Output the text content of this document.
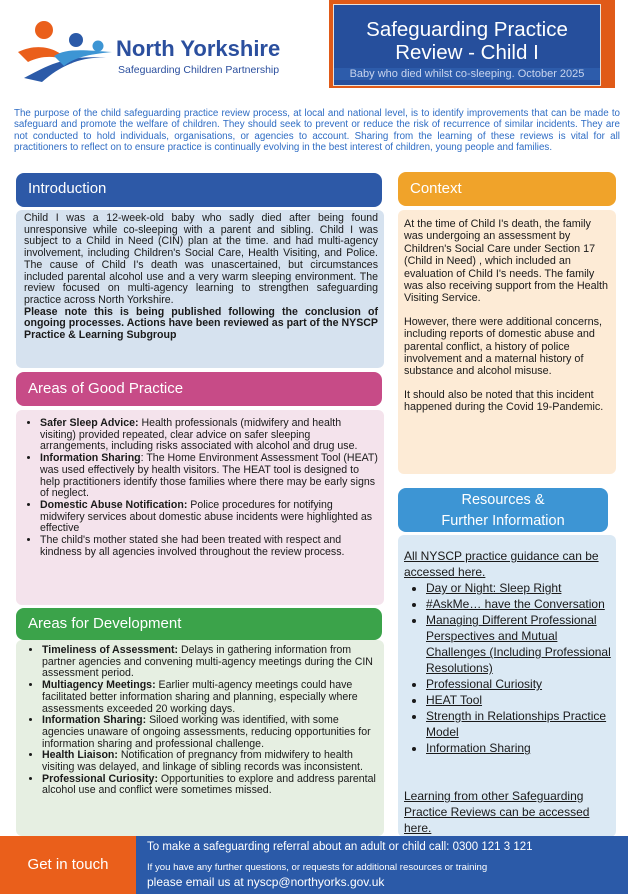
North Yorkshire
Safeguarding Children Partnership
Safeguarding Practice
Review - Child I
Baby who died whilst co-sleeping. October 2025
The purpose of the child safeguarding practice review process, at local and national level, is to identify improvements that can be made to safeguard and promote the welfare of children. They should seek to prevent or reduce the risk of recurrence of similar incidents. They are not conducted to hold individuals, organisations, or agencies to account. Sharing from the learning of these reviews is vital for all practitioners to reflect on to ensure practice is continually evolving in the best interest of children, young people and families.
Introduction
Child I was a 12-week-old baby who sadly died after being found unresponsive while co-sleeping with a parent and sibling. Child I was subject to a Child in Need (CIN) plan at the time. and had multi-agency involvement, including Children's Social Care, Health Visiting, and Police. The cause of Child I's death was unascertained, but circumstances included parental alcohol use and a very warm sleeping environment. The review focused on multi-agency learning to strengthen safeguarding practice across North Yorkshire.
Please note this is being published following the conclusion of ongoing processes. Actions have been reviewed as part of the NYSCP Practice & Learning Subgroup
Areas of Good Practice
• Safer Sleep Advice: Health professionals (midwifery and health visiting) provided repeated, clear advice on safer sleeping arrangements, including risks associated with alcohol and drug use.
• Information Sharing: The Home Environment Assessment Tool (HEAT) was used effectively by health visitors. The HEAT tool is designed to help practitioners identify those families where there may be early signs of neglect.
• Domestic Abuse Notification: Police procedures for notifying midwifery services about domestic abuse incidents were highlighted as effective
• The child's mother stated she had been treated with respect and kindness by all agencies involved throughout the review process.
Areas for Development
• Timeliness of Assessment: Delays in gathering information from partner agencies and convening multi-agency meetings during the CIN assessment period.
• Multiagency Meetings: Earlier multi-agency meetings could have facilitated better information sharing and planning, especially where assessments exceeded 20 working days.
• Information Sharing: Siloed working was identified, with some agencies unaware of ongoing assessments, reducing opportunities for information sharing and professional challenge.
• Health Liaison: Notification of pregnancy from midwifery to health visiting was delayed, and linkage of sibling records was inconsistent.
• Professional Curiosity: Opportunities to explore and address parental alcohol use and conflict were sometimes missed.
Context

At the time of Child I's death, the family was undergoing an assessment by Children's Social Care under Section 17 (Child in Need) , which included an evaluation of Child I's needs. The family was also receiving support from the Health Visiting Service.

However, there were additional concerns, including reports of domestic abuse and parental conflict, a history of police involvement and a maternal history of substance and alcohol misuse.

It should also be noted that this incident happened during the Covid 19-Pandemic.

Resources &
Further Information
All NYSCP practice guidance can be accessed here.
• Day or Night: Sleep Right
• #AskMe… have the Conversation
• Managing Different Professional Perspectives and Mutual Challenges (Including Professional Resolutions)
• Professional Curiosity
• HEAT Tool
• Strength in Relationships Practice Model
• Information Sharing
Learning from other Safeguarding Practice Reviews can be accessed here.
To make a safeguarding referral about an adult or child call: 0300 121 3 121
If you have any further questions, or requests for additional resources or training
please email us at nyscp@northyorks.gov.uk
Get in touch
